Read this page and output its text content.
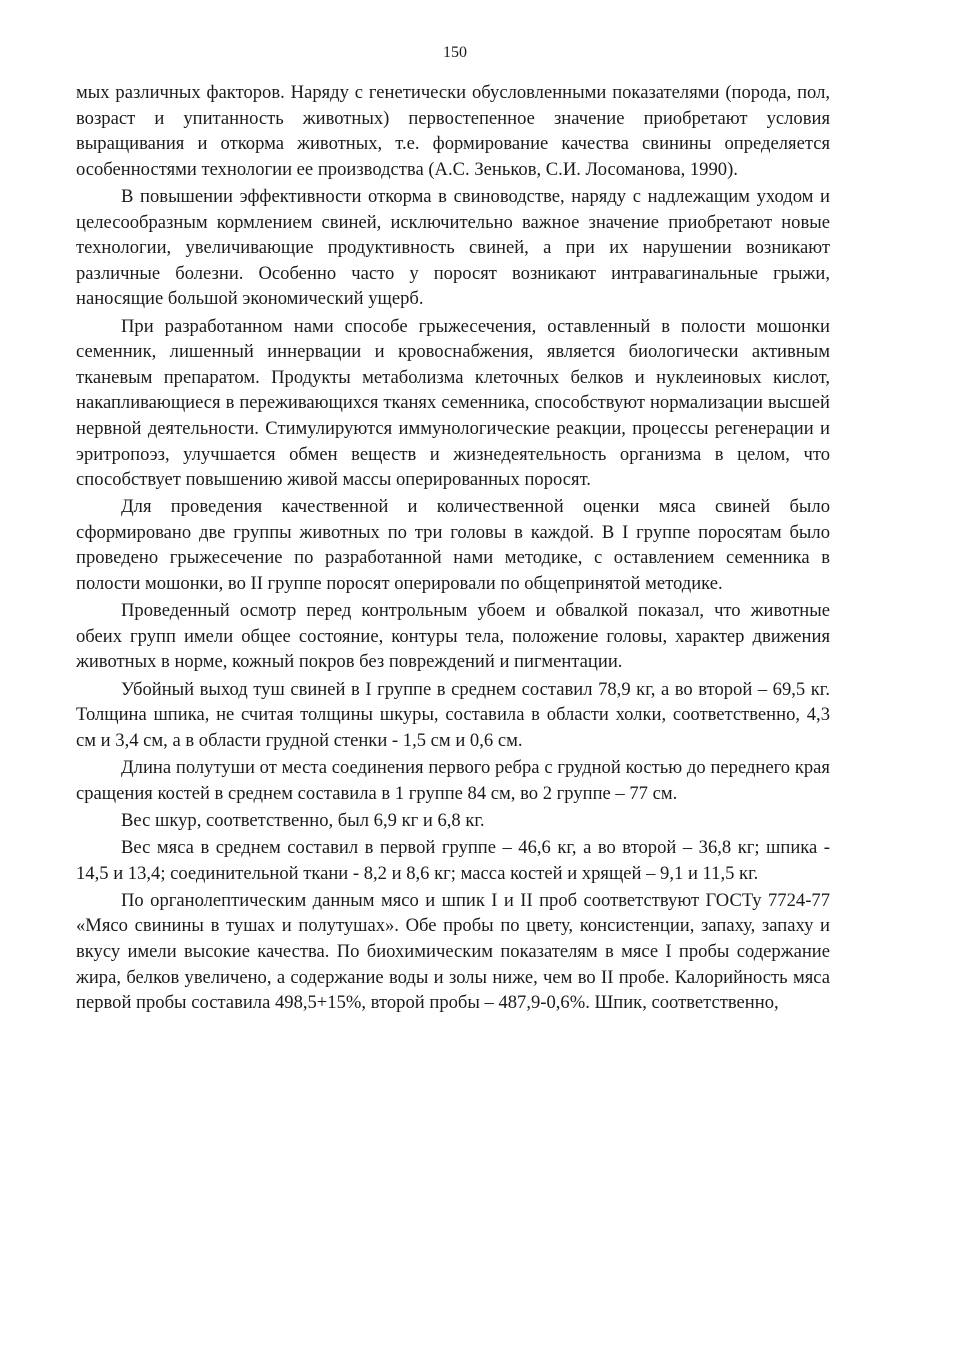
150

мых различных факторов. Наряду с генетически обусловленными показателями (порода, пол, возраст и упитанность животных) первостепенное значение приобретают условия выращивания и откорма животных, т.е. формирование качества свинины определяется особенностями технологии ее производства (А.С. Зеньков, С.И. Лосоманова, 1990).

В повышении эффективности откорма в свиноводстве, наряду с надлежащим уходом и целесообразным кормлением свиней, исключительно важное значение приобретают новые технологии, увеличивающие продуктивность свиней, а при их нарушении возникают различные болезни. Особенно часто у поросят возникают интравагинальные грыжи, наносящие большой экономический ущерб.

При разработанном нами способе грыжесечения, оставленный в полости мошонки семенник, лишенный иннервации и кровоснабжения, является биологически активным тканевым препаратом. Продукты метаболизма клеточных белков и нуклеиновых кислот, накапливающиеся в переживающихся тканях семенника, способствуют нормализации высшей нервной деятельности. Стимулируются иммунологические реакции, процессы регенерации и эритропоэз, улучшается обмен веществ и жизнедеятельность организма в целом, что способствует повышению живой массы оперированных поросят.

Для проведения качественной и количественной оценки мяса свиней было сформировано две группы животных по три головы в каждой. В I группе поросятам было проведено грыжесечение по разработанной нами методике, с оставлением семенника в полости мошонки, во II группе поросят оперировали по общепринятой методике.

Проведенный осмотр перед контрольным убоем и обвалкой показал, что животные обеих групп имели общее состояние, контуры тела, положение головы, характер движения животных в норме, кожный покров без повреждений и пигментации.

Убойный выход туш свиней в I группе в среднем составил 78,9 кг, а во второй – 69,5 кг. Толщина шпика, не считая толщины шкуры, составила в области холки, соответственно, 4,3 см и 3,4 см, а в области грудной стенки - 1,5 см и 0,6 см.

Длина полутуши от места соединения первого ребра с грудной костью до переднего края сращения костей в среднем составила в 1 группе 84 см, во 2 группе – 77 см.

Вес шкур, соответственно, был 6,9 кг и 6,8 кг.

Вес мяса в среднем составил в первой группе – 46,6 кг, а во второй – 36,8 кг; шпика - 14,5 и 13,4; соединительной ткани - 8,2 и 8,6 кг; масса костей и хрящей – 9,1 и 11,5 кг.

По органолептическим данным мясо и шпик I и II проб соответствуют ГОСТу 7724-77 «Мясо свинины в тушах и полутушах». Обе пробы по цвету, консистенции, запаху, запаху и вкусу имели высокие качества. По биохимическим показателям в мясе I пробы содержание жира, белков увеличено, а содержание воды и золы ниже, чем во II пробе. Калорийность мяса первой пробы составила 498,5+15%, второй пробы – 487,9-0,6%. Шпик, соответственно,
